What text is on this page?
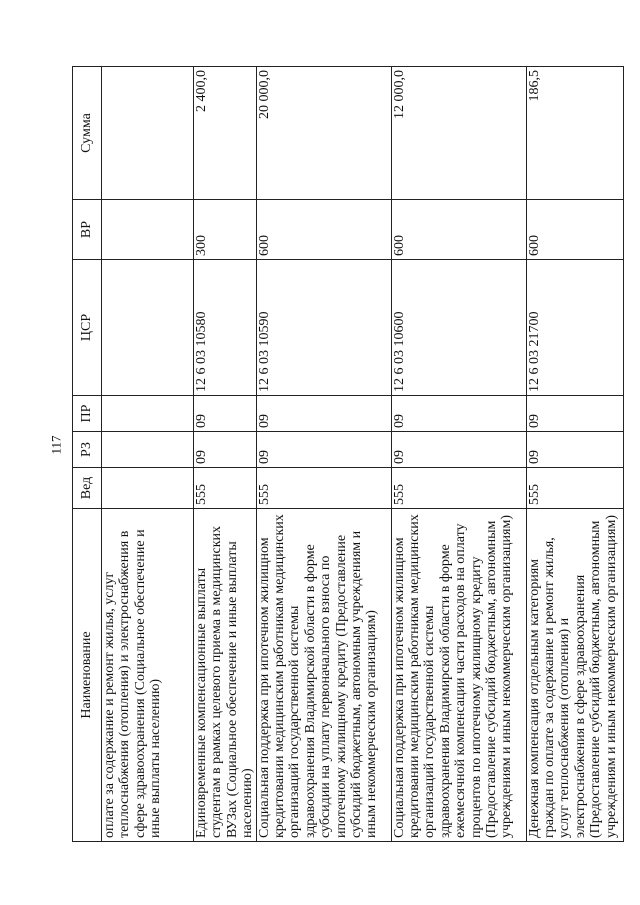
117
Наименование	Вед	РЗ	ПР	ЦСР	ВР	Сумма
оплате за содержание и ремонт жилья, услуг теплоснабжения (отопления) и электроснабжения в сфере здравоохранения (Социальное обеспечение и иные выплаты населению)						
Единовременные компенсационные выплаты студентам в рамках целевого приема в медицинских ВУЗах (Социальное обеспечение и иные выплаты населению)	555	09	09	12 6 03 10580	300	2 400,0
Социальная поддержка при ипотечном жилищном кредитовании медицинским работникам медицинских организаций государственной системы здравоохранения Владимирской области в форме субсидии на уплату первоначального взноса по ипотечному жилищному кредиту (Предоставление субсидий бюджетным, автономным учреждениям и иным некоммерческим организациям)	555	09	09	12 6 03 10590	600	20 000,0
Социальная поддержка при ипотечном жилищном кредитовании медицинским работникам медицинских организаций государственной системы здравоохранения Владимирской области в форме ежемесячной компенсации части расходов на оплату процентов по ипотечному жилищному кредиту (Предоставление субсидий бюджетным, автономным учреждениям и иным некоммерческим организациям)	555	09	09	12 6 03 10600	600	12 000,0
Денежная компенсация отдельным категориям граждан по оплате за содержание и ремонт жилья, услуг теплоснабжения (отопления) и электроснабжения в сфере здравоохранения (Предоставление субсидий бюджетным, автономным учреждениям и иным некоммерческим организациям)	555	09	09	12 6 03 21700	600	186,5
